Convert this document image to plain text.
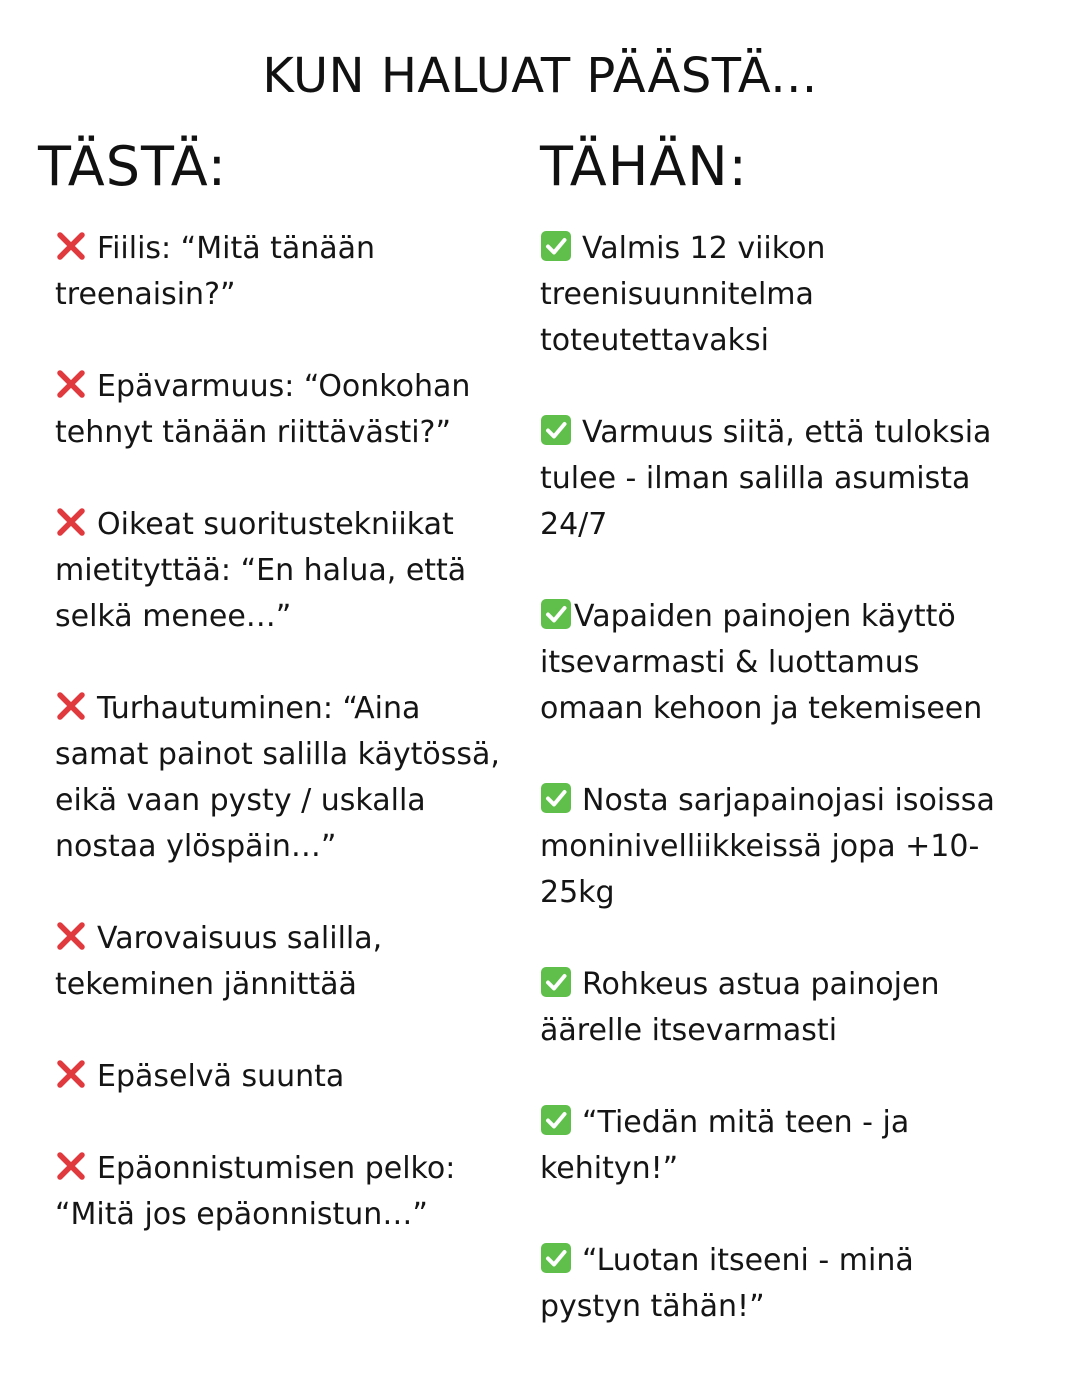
KUN HALUAT PÄÄSTÄ...
TÄSTÄ:	TÄHÄN:

Fiilis: “Mitä tänään treenaisin?”

Epävarmuus: “Oonkohan tehnyt tänään riittävästi?”

Oikeat suoritustekniikat mietityttää: “En halua, että selkä menee…”

Turhautuminen: “Aina samat painot salilla käytössä, eikä vaan pysty / uskalla nostaa ylöspäin…”

Varovaisuus salilla, tekeminen jännittää

Epäselvä suunta

Epäonnistumisen pelko: “Mitä jos epäonnistun…”

Valmis 12 viikon treenisuunnitelma toteutettavaksi

Varmuus siitä, että tuloksia tulee - ilman salilla asumista 24/7

Vapaiden painojen käyttö itsevarmasti & luottamus omaan kehoon ja tekemiseen

Nosta sarjapainojasi isoissa moninivelliikkeissä jopa +10-25kg

Rohkeus astua painojen äärelle itsevarmasti

“Tiedän mitä teen - ja kehityn!”

“Luotan itseeni - minä pystyn tähän!”
